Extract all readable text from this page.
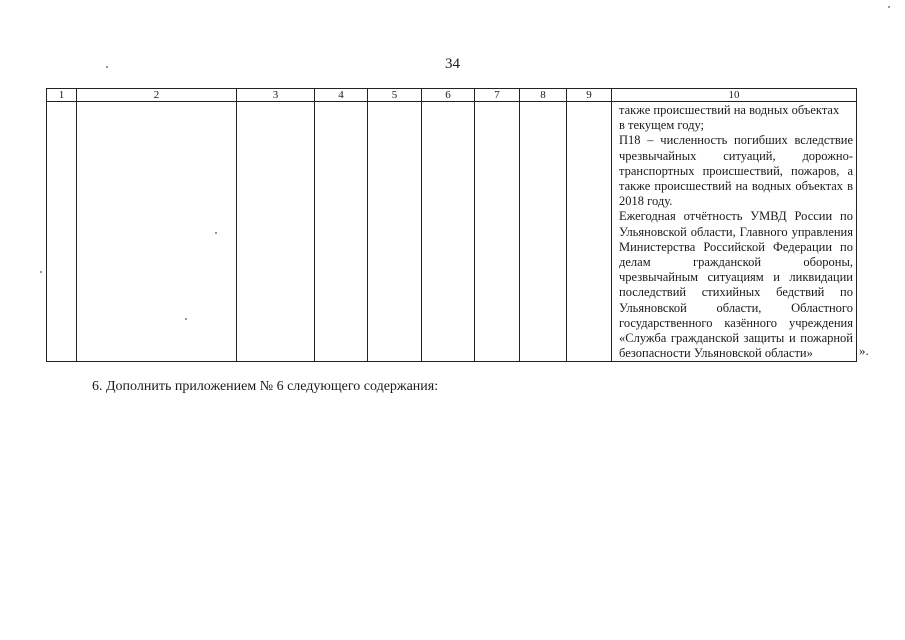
34
1	2	3	4	5	6	7	8	9	10

									также происшествий на водных объектах
в текущем году;
П18 – численность погибших вследствие чрезвычайных ситуаций, дорожно-транспортных происшествий, пожаров, а также происшествий на водных объектах в 2018 году.
Ежегодная отчётность УМВД России по Ульяновской области, Главного управления Министерства Российской Федерации по делам гражданской обороны, чрезвычайным ситуациям и ликвидации последствий стихийных бедствий по Ульяновской области, Областного государственного казённого учреждения «Служба гражданской защиты и пожарной безопасности Ульяновской области»	».
6. Дополнить приложением № 6 следующего содержания:
